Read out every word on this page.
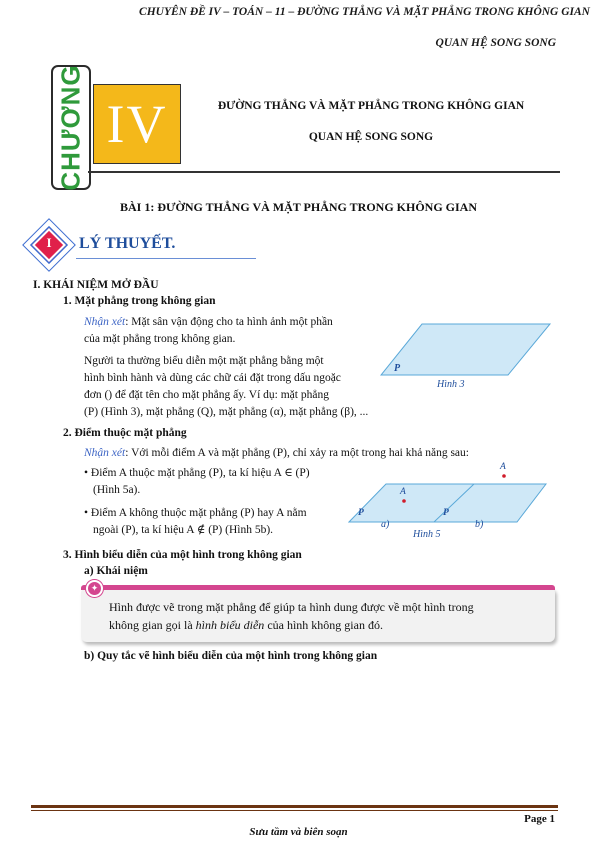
CHUYÊN ĐỀ IV – TOÁN – 11 – ĐƯỜNG THẲNG VÀ MẶT PHẲNG TRONG KHÔNG GIAN
QUAN HỆ SONG SONG
CHƯƠNG IV	ĐƯỜNG THẲNG VÀ MẶT PHẲNG TRONG KHÔNG GIAN
QUAN HỆ SONG SONG
BÀI 1: ĐƯỜNG THẲNG VÀ MẶT PHẲNG TRONG KHÔNG GIAN
I	LÝ THUYẾT.
I. KHÁI NIỆM MỞ ĐẦU
1. Mặt phẳng trong không gian
Nhận xét: Mặt sân vận động cho ta hình ảnh một phần
của mặt phẳng trong không gian.
Người ta thường biểu diễn một mặt phẳng bằng một
hình bình hành và dùng các chữ cái đặt trong dấu ngoặc
đơn () để đặt tên cho mặt phẳng ấy. Ví dụ: mặt phẳng
(P) (Hình 3), mặt phẳng (Q), mặt phẳng (α), mặt phẳng (β), ...
P
Hình 3
2. Điểm thuộc mặt phẳng
Nhận xét: Với mỗi điểm A và mặt phẳng (P), chỉ xảy ra một trong hai khả năng sau:
• Điểm A thuộc mặt phẳng (P), ta kí hiệu A ∈ (P)
(Hình 5a).
• Điểm A không thuộc mặt phẳng (P) hay A nằm
ngoài (P), ta kí hiệu A ∉ (P) (Hình 5b).
A
A
P	P
a)	b)
Hình 5
3. Hình biểu diễn của một hình trong không gian
a) Khái niệm
✦
Hình được vẽ trong mặt phẳng để giúp ta hình dung được về một hình trong
không gian gọi là hình biểu diễn của hình không gian đó.
b) Quy tắc vẽ hình biểu diễn của một hình trong không gian
Page 1
Sưu tầm và biên soạn
